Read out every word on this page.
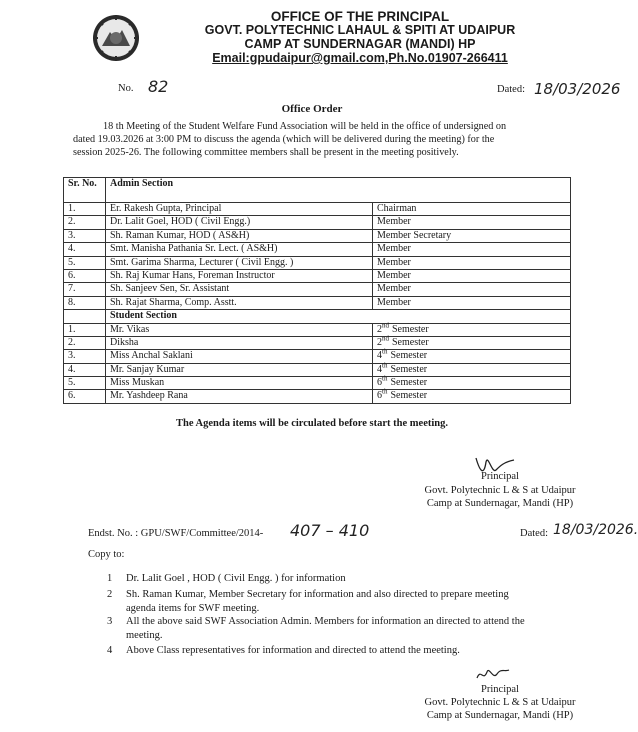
OFFICE OF THE PRINCIPAL
GOVT. POLYTECHNIC LAHAUL & SPITI AT UDAIPUR
CAMP AT SUNDERNAGAR (MANDI) HP
Email:gpudaipur@gmail.com,Ph.No.01907-266411
No. 82	Dated: 18/03/2026
Office Order
18 th Meeting of the Student Welfare Fund Association will be held in the office of undersigned on
dated 19.03.2026 at 3:00 PM to discuss the agenda (which will be delivered during the meeting) for the
session 2025-26. The following committee members shall be present in the meeting positively.
Sr. No.	Admin Section	
1.	Er. Rakesh Gupta, Principal	Chairman
2.	Dr. Lalit Goel, HOD ( Civil Engg.)	Member
3.	Sh. Raman Kumar, HOD ( AS&H)	Member Secretary
4.	Smt. Manisha Pathania Sr. Lect. ( AS&H)	Member
5.	Smt. Garima Sharma, Lecturer ( Civil Engg. )	Member
6.	Sh. Raj Kumar Hans, Foreman Instructor	Member
7.	Sh. Sanjeev Sen, Sr. Assistant	Member
8.	Sh. Rajat Sharma, Comp. Asstt.	Member
	Student Section	
1.	Mr. Vikas	2nd Semester
2.	Diksha	2nd Semester
3.	Miss Anchal Saklani	4th Semester
4.	Mr. Sanjay Kumar	4th Semester
5.	Miss Muskan	6th Semester
6.	Mr. Yashdeep Rana	6th Semester
The Agenda items will be circulated before start the meeting.
Principal
Govt. Polytechnic L & S at Udaipur
Camp at Sundernagar, Mandi (HP)
Endst. No. : GPU/SWF/Committee/2014- 407 – 410	Dated: 18/03/2026.
Copy to:
1 Dr. Lalit Goel , HOD ( Civil Engg. ) for information
2 Sh. Raman Kumar, Member Secretary for information and also directed to prepare meeting
agenda items for SWF meeting.
3 All the above said SWF Association Admin. Members for information an directed to attend the
meeting.
4 Above Class representatives for information and directed to attend the meeting.
Principal
Govt. Polytechnic L & S at Udaipur
Camp at Sundernagar, Mandi (HP)
